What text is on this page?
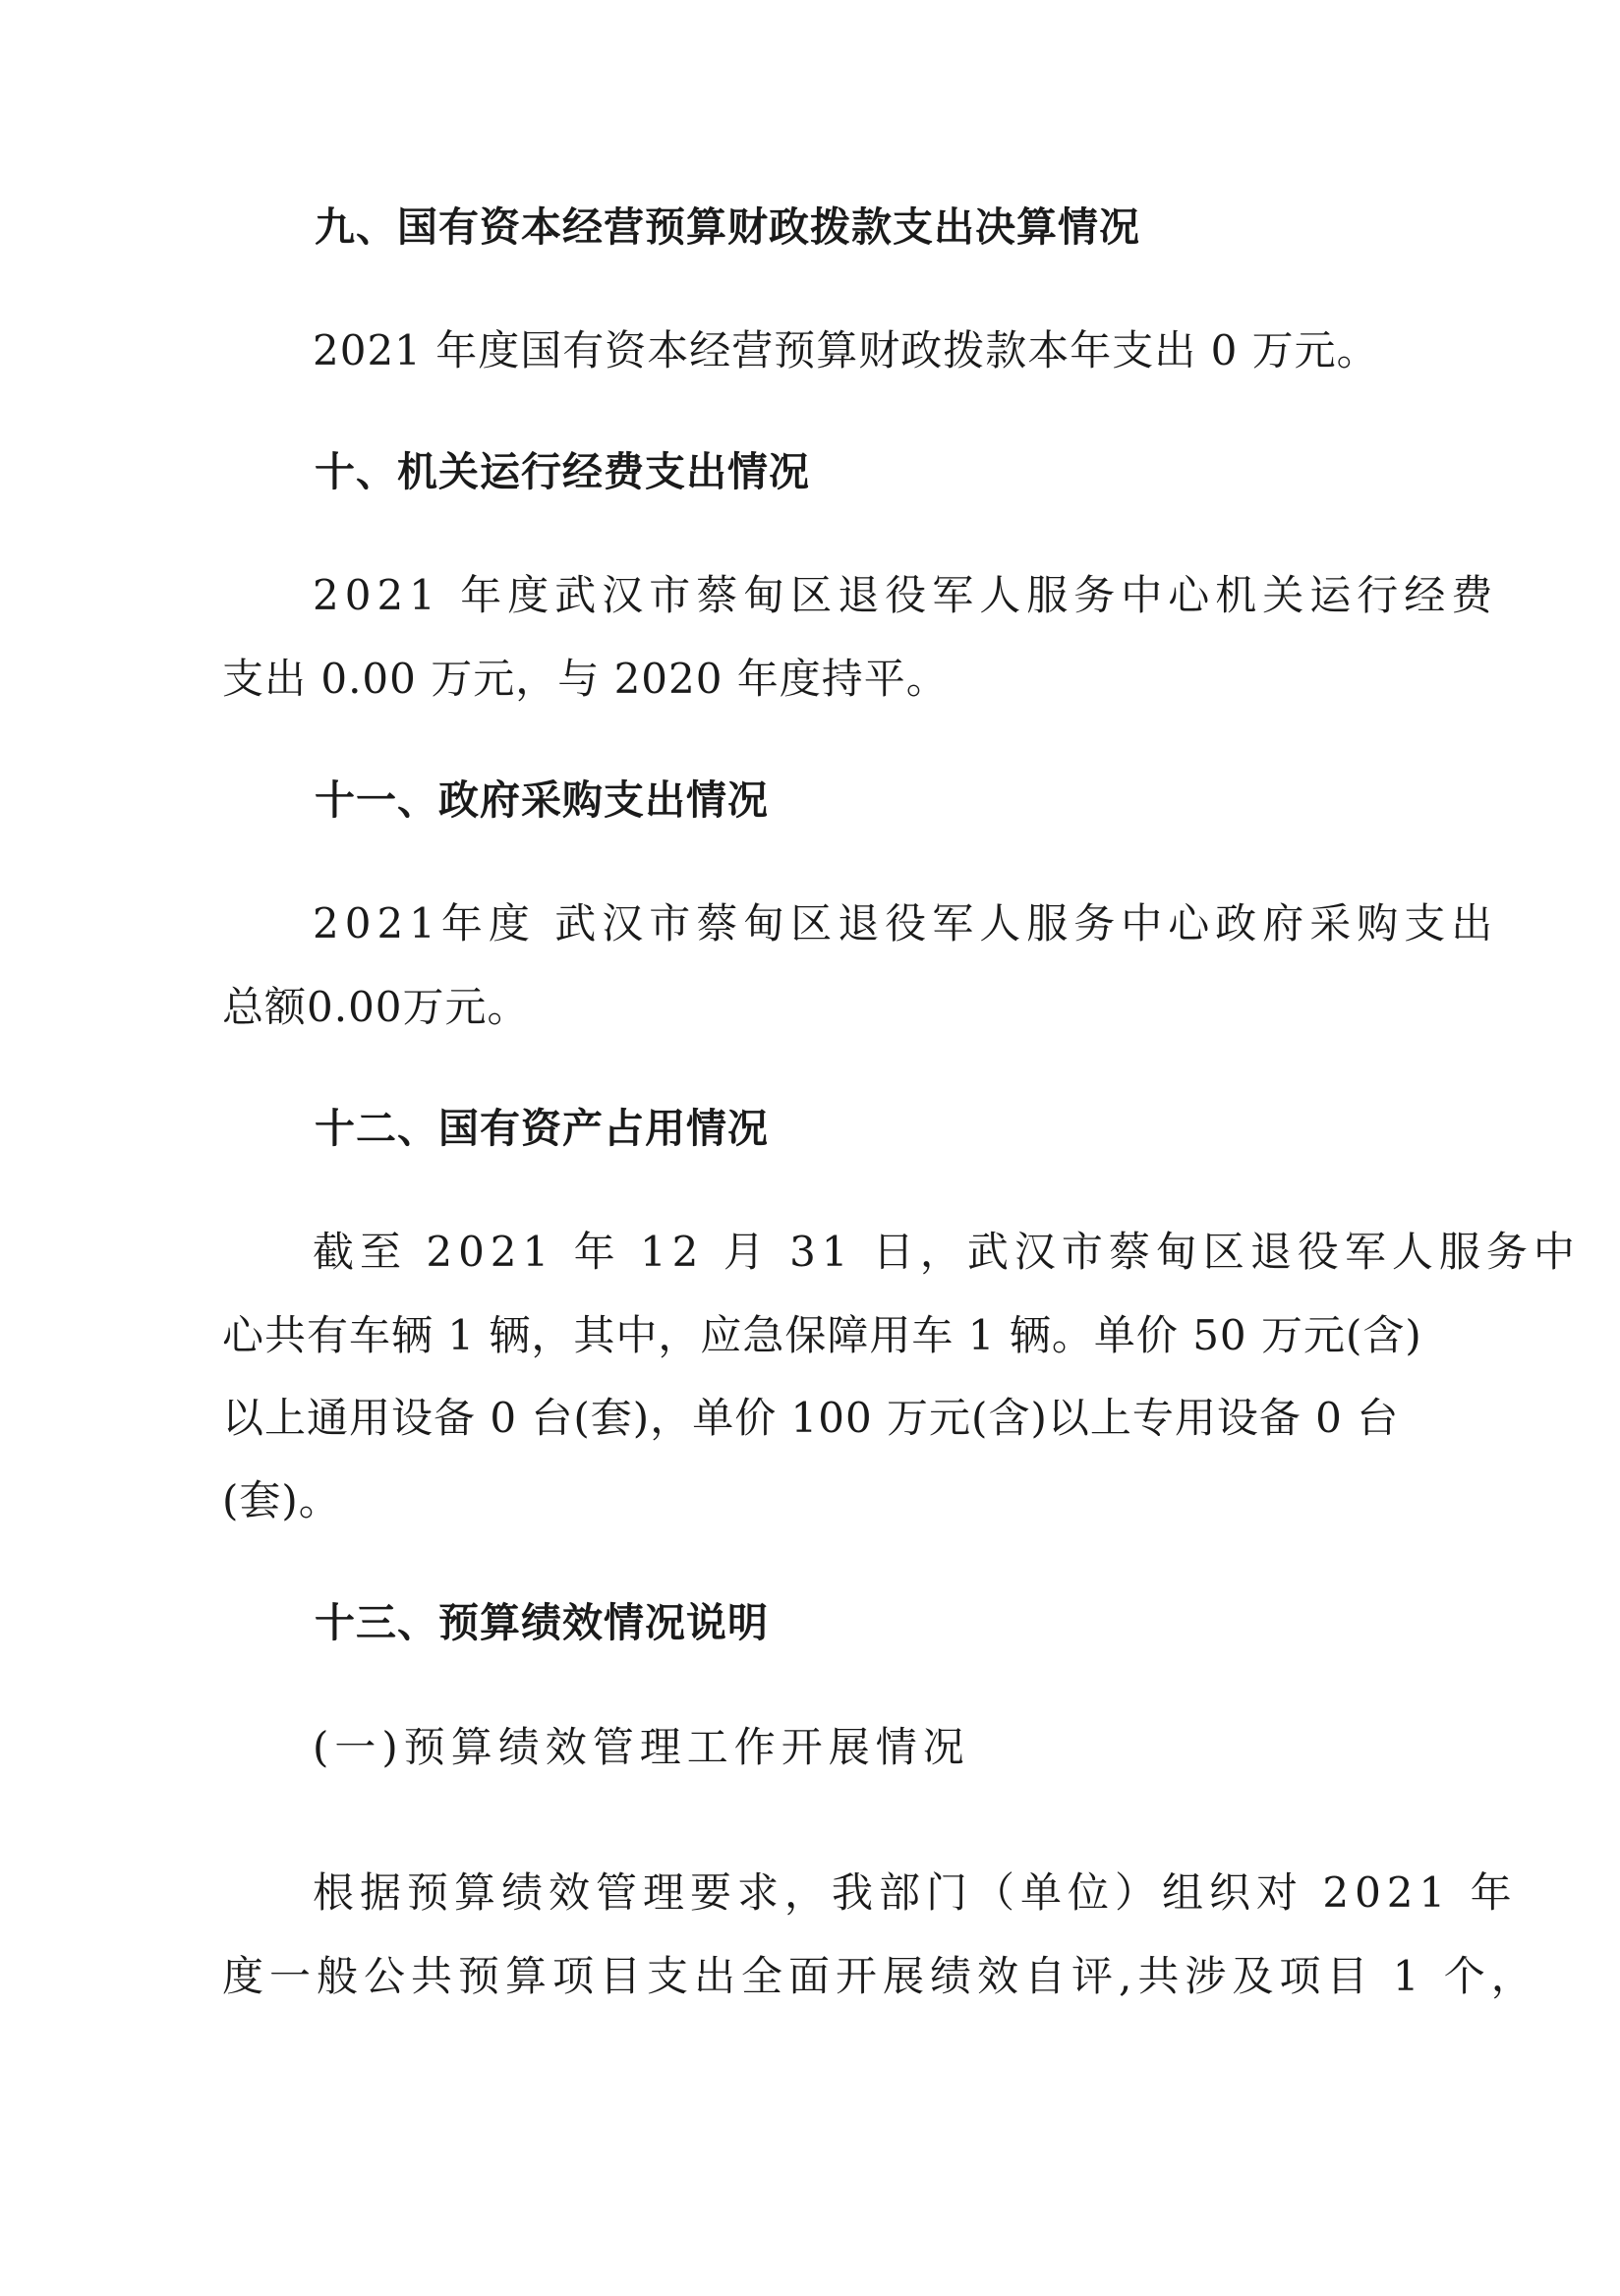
九、国有资本经营预算财政拨款支出决算情况
2021 年度国有资本经营预算财政拨款本年支出 0 万元。
十、机关运行经费支出情况
2021 年度武汉市蔡甸区退役军人服务中心机关运行经费
支出 0.00 万元，与 2020 年度持平。
十一、政府采购支出情况
2021年度 武汉市蔡甸区退役军人服务中心政府采购支出
总额0.00万元。
十二、国有资产占用情况
截至 2021 年 12 月 31 日，武汉市蔡甸区退役军人服务中
心共有车辆 1 辆，其中，应急保障用车 1 辆。单价 50 万元(含)
以上通用设备 0 台(套)，单价 100 万元(含)以上专用设备 0 台
(套)。
十三、预算绩效情况说明
(一)预算绩效管理工作开展情况
根据预算绩效管理要求，我部门（单位）组织对 2021 年
度一般公共预算项目支出全面开展绩效自评,共涉及项目 1 个，
